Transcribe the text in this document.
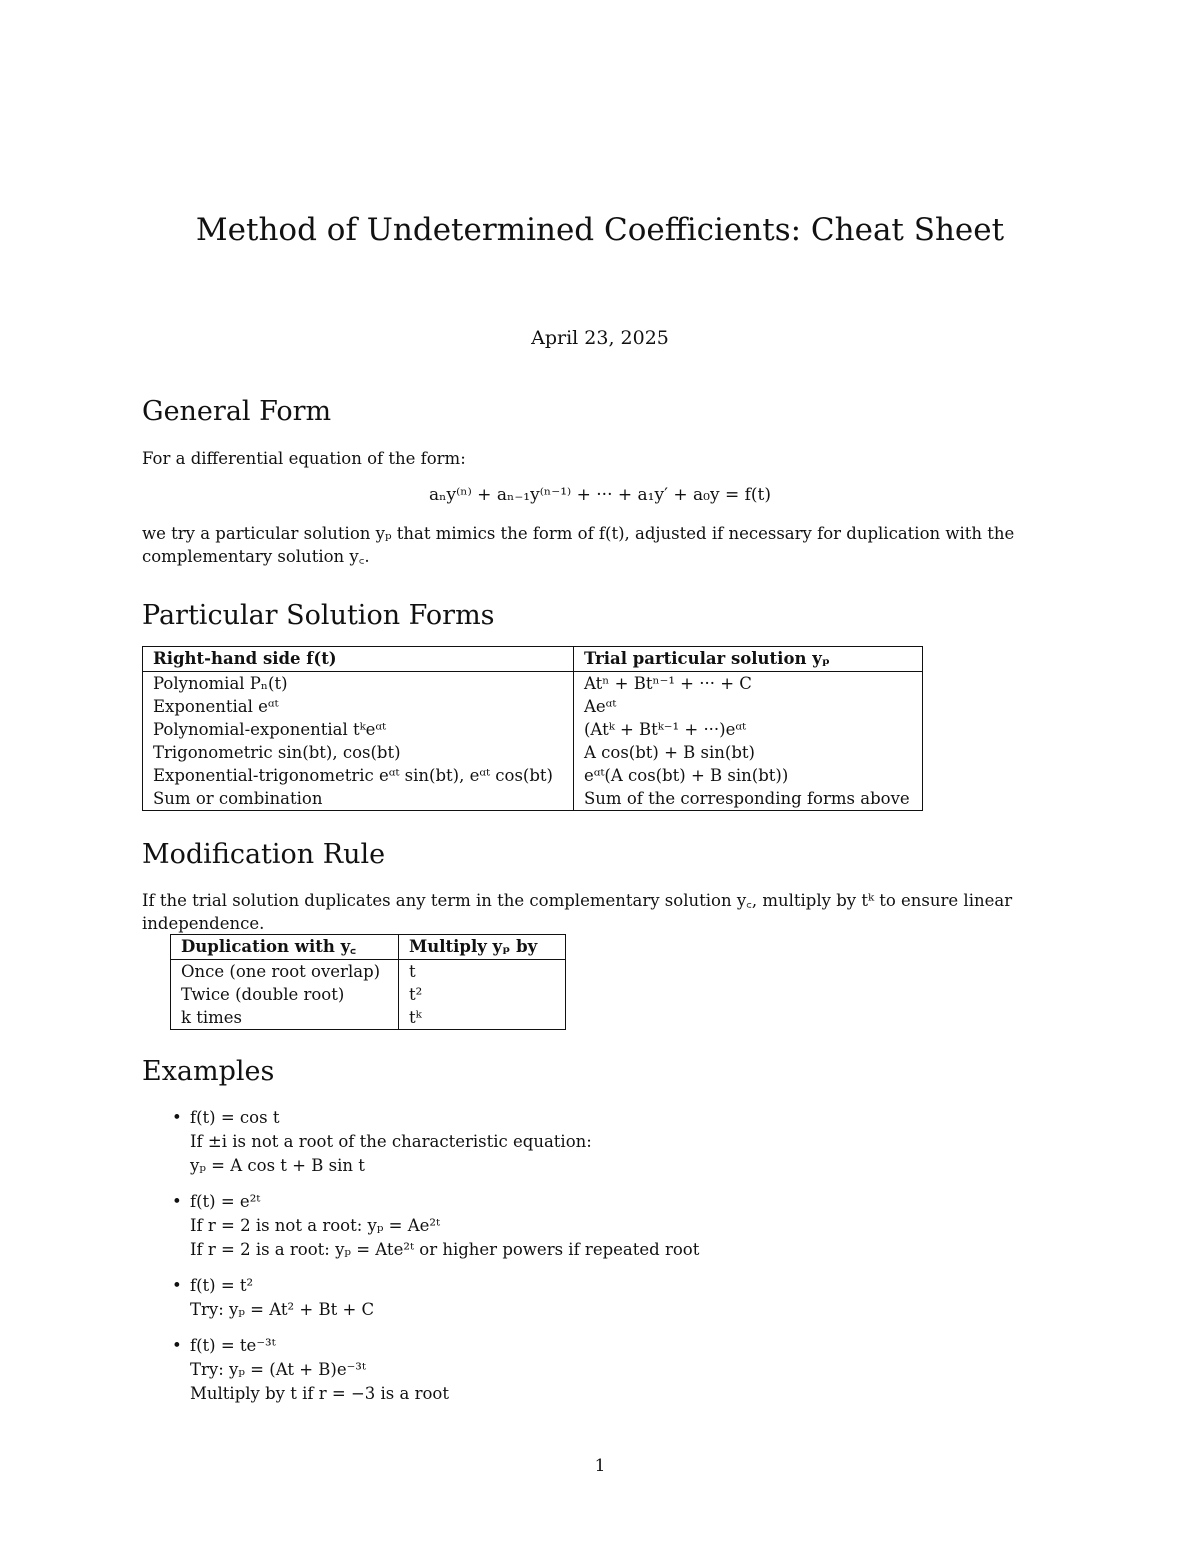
Method of Undetermined Coefficients: Cheat Sheet
April 23, 2025
General Form
For a differential equation of the form:
aₙy⁽ⁿ⁾ + aₙ₋₁y⁽ⁿ⁻¹⁾ + ··· + a₁y′ + a₀y = f(t)
we try a particular solution yₚ that mimics the form of f(t), adjusted if necessary for duplication with the
complementary solution y꜀.
Particular Solution Forms
Right-hand side f(t)	Trial particular solution yₚ
Polynomial Pₙ(t)	Atⁿ + Btⁿ⁻¹ + ··· + C
Exponential eᵅᵗ	Aeᵅᵗ
Polynomial-exponential tᵏeᵅᵗ	(Atᵏ + Btᵏ⁻¹ + ···)eᵅᵗ
Trigonometric sin(bt), cos(bt)	A cos(bt) + B sin(bt)
Exponential-trigonometric eᵅᵗ sin(bt), eᵅᵗ cos(bt)	eᵅᵗ(A cos(bt) + B sin(bt))
Sum or combination	Sum of the corresponding forms above
Modification Rule
If the trial solution duplicates any term in the complementary solution y꜀, multiply by tᵏ to ensure linear
independence.
Duplication with y꜀	Multiply yₚ by
Once (one root overlap)	t
Twice (double root)	t²
k times	tᵏ
Examples
• f(t) = cos t
If ±i is not a root of the characteristic equation:
yₚ = A cos t + B sin t
• f(t) = e²ᵗ
If r = 2 is not a root: yₚ = Ae²ᵗ
If r = 2 is a root: yₚ = Ate²ᵗ or higher powers if repeated root
• f(t) = t²
Try: yₚ = At² + Bt + C
• f(t) = te⁻³ᵗ
Try: yₚ = (At + B)e⁻³ᵗ
Multiply by t if r = −3 is a root
1
